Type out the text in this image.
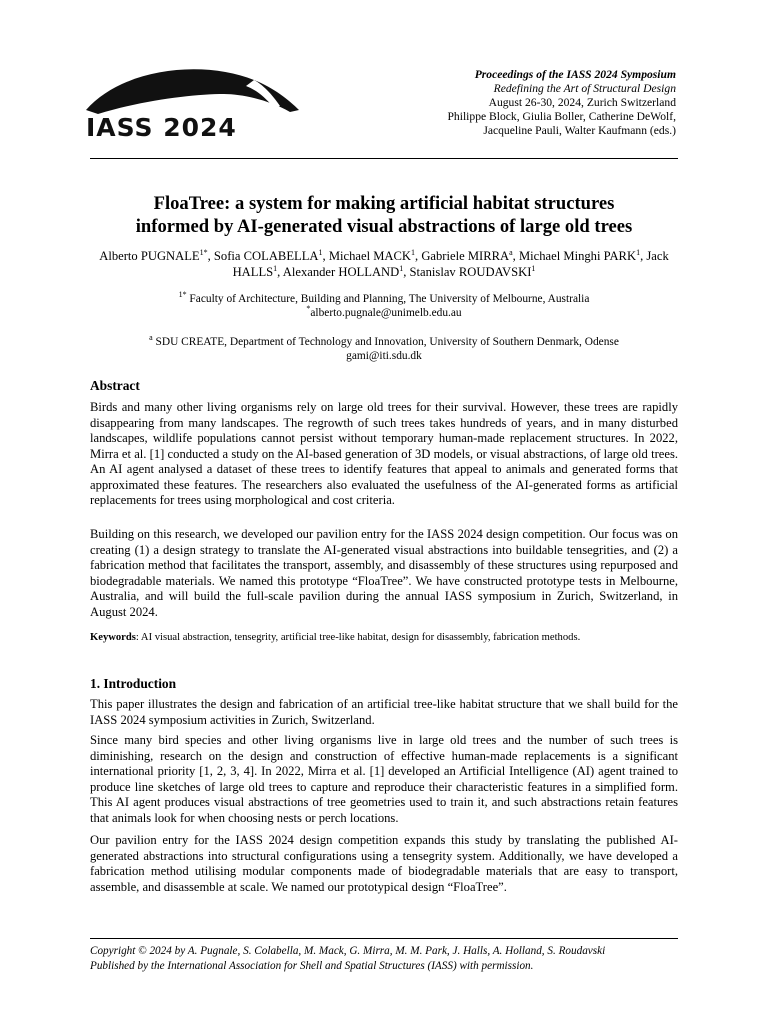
IASS 2024
Proceedings of the IASS 2024 Symposium
Redefining the Art of Structural Design
August 26-30, 2024, Zurich Switzerland
Philippe Block, Giulia Boller, Catherine DeWolf,
Jacqueline Pauli, Walter Kaufmann (eds.)
FloaTree: a system for making artificial habitat structures
informed by AI-generated visual abstractions of large old trees
Alberto $PUGNALE^{1*}$, Sofia COLABELLA$^1$, Michael MACK$^1$, Gabriele MIRRA$^a$, Michael Minghi PARK$^1$, Jack HALLS$^1$, Alexander HOLLAND$^1$, Stanislav ROUDAVSKI$^1$
$^{1*}$ Faculty of Architecture, Building and Planning, The University of Melbourne, Australia
*alberto.pugnale@unimelb.edu.au
$^a$ SDU CREATE, Department of Technology and Innovation, University of Southern Denmark, Odense
gami@iti.sdu.dk
Abstract

Birds and many other living organisms rely on large old trees for their survival. However, these trees are rapidly disappearing from many landscapes. The regrowth of such trees takes hundreds of years, and in many disturbed landscapes, wildlife populations cannot persist without temporary human-made replacement structures. In 2022, Mirra et al. [1] conducted a study on the AI-based generation of 3D models, or visual abstractions, of large old trees. An AI agent analysed a dataset of these trees to identify features that appeal to animals and generated forms that approximated these features. The researchers also evaluated the usefulness of the AI-generated forms as artificial replacements for trees using morphological and cost criteria.

Building on this research, we developed our pavilion entry for the IASS 2024 design competition. Our focus was on creating (1) a design strategy to translate the AI-generated visual abstractions into buildable tensegrities, and (2) a fabrication method that facilitates the transport, assembly, and disassembly of these structures using repurposed and biodegradable materials. We named this prototype “FloaTree”. We have constructed prototype tests in Melbourne, Australia, and will build the full-scale pavilion during the annual IASS symposium in Zurich, Switzerland, in August 2024.

Keywords: AI visual abstraction, tensegrity, artificial tree-like habitat, design for disassembly, fabrication methods.
1. Introduction

This paper illustrates the design and fabrication of an artificial tree-like habitat structure that we shall build for the IASS 2024 symposium activities in Zurich, Switzerland.

Since many bird species and other living organisms live in large old trees and the number of such trees is diminishing, research on the design and construction of effective human-made replacements is a significant international priority [1, 2, 3, 4]. In 2022, Mirra et al. [1] developed an Artificial Intelligence (AI) agent trained to produce line sketches of large old trees to capture and reproduce their characteristic features in a simplified form. This AI agent produces visual abstractions of tree geometries used to train it, and such abstractions retain features that animals look for when choosing nests or perch locations.

Our pavilion entry for the IASS 2024 design competition expands this study by translating the published AI-generated abstractions into structural configurations using a tensegrity system. Additionally, we have developed a fabrication method utilising modular components made of biodegradable materials that are easy to transport, assemble, and disassemble at scale. We named our prototypical design “FloaTree”.

Copyright © 2024 by A. Pugnale, S. Colabella, M. Mack, G. Mirra, M. M. Park, J. Halls, A. Holland, S. Roudavski
Published by the International Association for Shell and Spatial Structures (IASS) with permission.
